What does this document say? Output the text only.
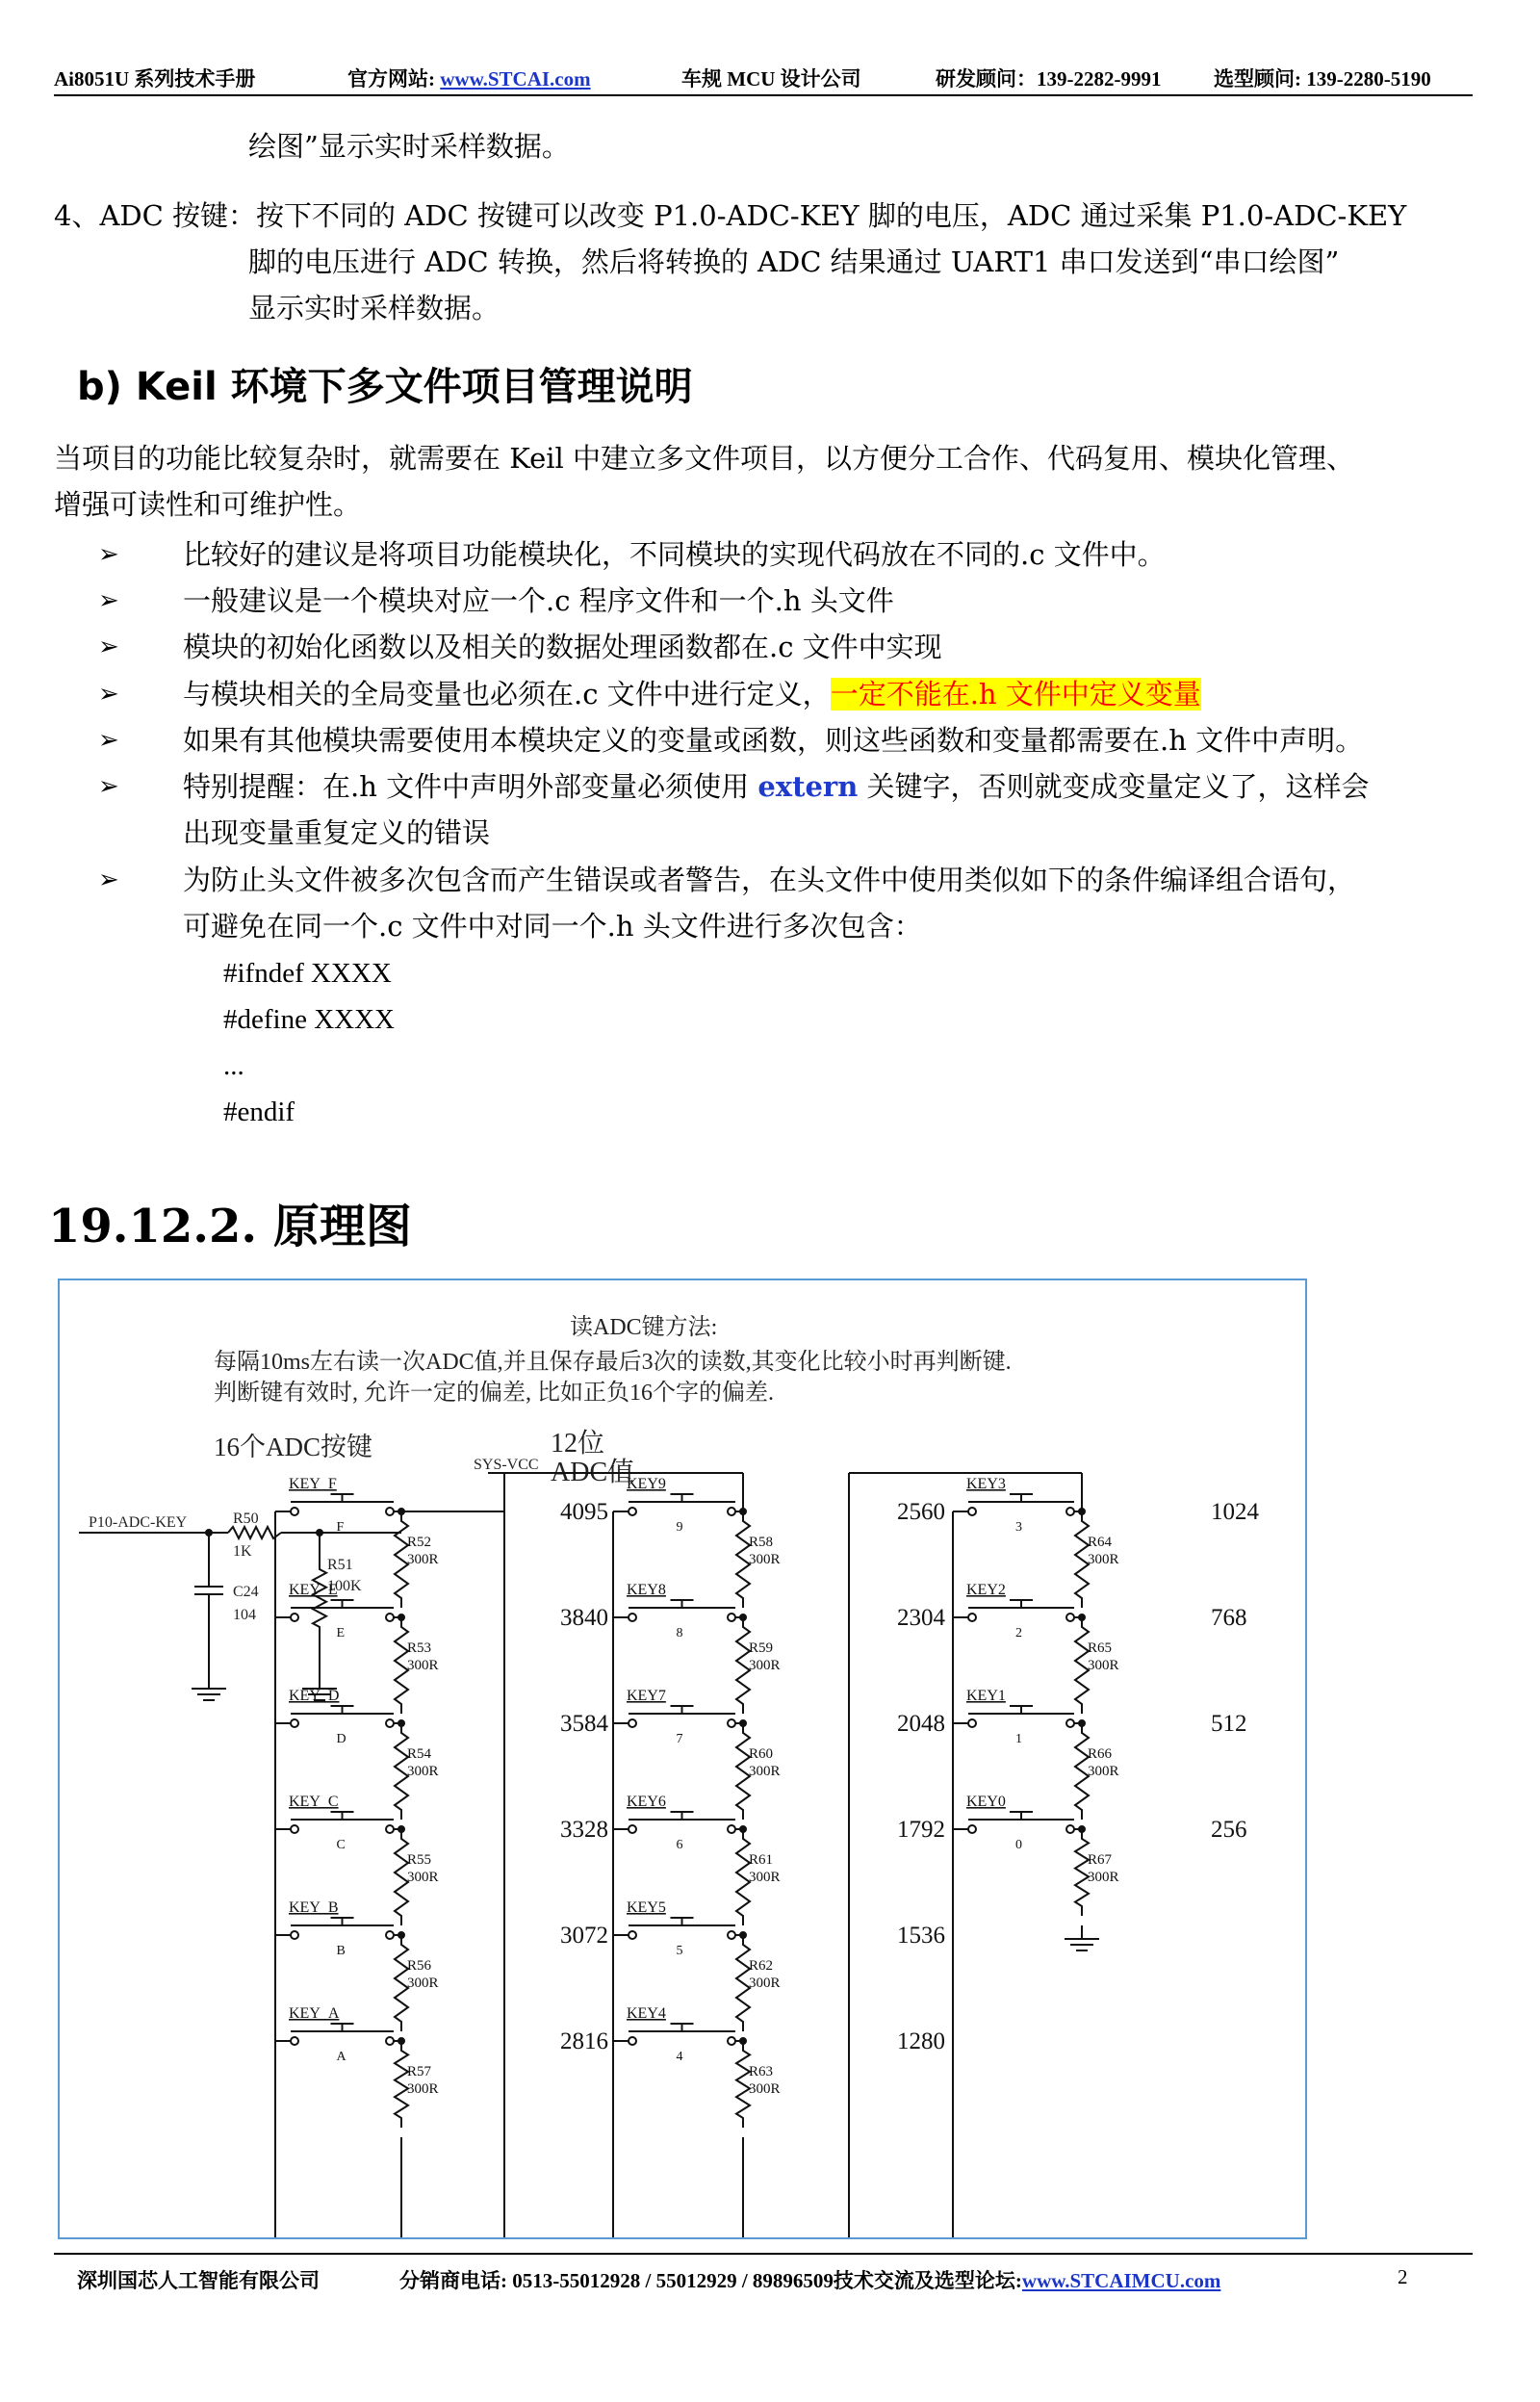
Ai8051U 系列技术手册	官方网站: www.STCAI.com	车规 MCU 设计公司	研发顾问：139-2282-9991	选型顾问: 139-2280-5190
绘图”显示实时采样数据。
4、ADC 按键：按下不同的 ADC 按键可以改变 P1.0-ADC-KEY 脚的电压，ADC 通过采集 P1.0-ADC-KEY
脚的电压进行 ADC 转换，然后将转换的 ADC 结果通过 UART1 串口发送到“串口绘图”
显示实时采样数据。
b) Keil 环境下多文件项目管理说明
当项目的功能比较复杂时，就需要在 Keil 中建立多文件项目，以方便分工合作、代码复用、模块化管理、
增强可读性和可维护性。
➢ 比较好的建议是将项目功能模块化，不同模块的实现代码放在不同的.c 文件中。
➢ 一般建议是一个模块对应一个.c 程序文件和一个.h 头文件
➢ 模块的初始化函数以及相关的数据处理函数都在.c 文件中实现
➢ 与模块相关的全局变量也必须在.c 文件中进行定义，一定不能在.h 文件中定义变量
➢ 如果有其他模块需要使用本模块定义的变量或函数，则这些函数和变量都需要在.h 文件中声明。
➢ 特别提醒：在.h 文件中声明外部变量必须使用 extern 关键字，否则就变成变量定义了，这样会
出现变量重复定义的错误
➢ 为防止头文件被多次包含而产生错误或者警告，在头文件中使用类似如下的条件编译组合语句，
可避免在同一个.c 文件中对同一个.h 头文件进行多次包含：
#ifndef XXXX
#define XXXX
...
#endif
19.12.2. 原理图
读ADC键方法:
每隔10ms左右读一次ADC值,并且保存最后3次的读数,其变化比较小时再判断键.
判断键有效时, 允许一定的偏差, 比如正负16个字的偏差.
16个ADC按键	12位
ADC值
SYS-VCC
P10-ADC-KEY	R50
1K
C24
104
R51
100K
KEY_F
F
R52
300R
4095
KEY_E
E
R53
300R
3840
KEY_D
D
R54
300R
3584
KEY_C
C
R55
300R
3328
KEY_B
B
R56
300R
3072
KEY_A
A
R57
300R
2816
KEY9
9
R58
300R
2560
KEY8
8
R59
300R
2304
KEY7
7
R60
300R
2048
KEY6
6
R61
300R
1792
KEY5
5
R62
300R
1536
KEY4
4
R63
300R
1280
KEY3
3
R64
300R
1024
KEY2
2
R65
300R
768
KEY1
1
R66
300R
512
KEY0
0
R67
300R
256
深圳国芯人工智能有限公司	分销商电话: 0513-55012928 / 55012929 / 89896509技术交流及选型论坛:www.STCAIMCU.com	2
